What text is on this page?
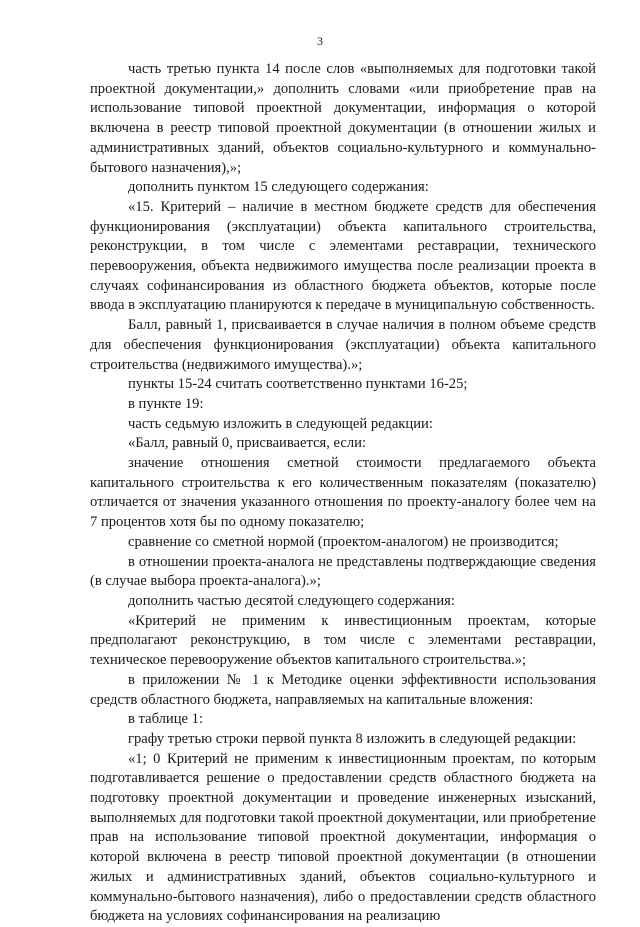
3

часть третью пункта 14 после слов «выполняемых для подготовки такой проектной документации,» дополнить словами «или приобретение прав на использование типовой проектной документации, информация о которой включена в реестр типовой проектной документации (в отношении жилых и административных зданий, объектов социально-культурного и коммунально-бытового назначения),»;

дополнить пунктом 15 следующего содержания:

«15. Критерий – наличие в местном бюджете средств для обеспечения функционирования (эксплуатации) объекта капитального строительства, реконструкции, в том числе с элементами реставрации, технического перевооружения, объекта недвижимого имущества после реализации проекта в случаях софинансирования из областного бюджета объектов, которые после ввода в эксплуатацию планируются к передаче в муниципальную собственность.

Балл, равный 1, присваивается в случае наличия в полном объеме средств для обеспечения функционирования (эксплуатации) объекта капитального строительства (недвижимого имущества).»;

пункты 15-24 считать соответственно пунктами 16-25;

в пункте 19:

часть седьмую изложить в следующей редакции:

«Балл, равный 0, присваивается, если:

значение отношения сметной стоимости предлагаемого объекта капитального строительства к его количественным показателям (показателю) отличается от значения указанного отношения по проекту-аналогу более чем на 7 процентов хотя бы по одному показателю;

сравнение со сметной нормой (проектом-аналогом) не производится;

в отношении проекта-аналога не представлены подтверждающие сведения (в случае выбора проекта-аналога).»;

дополнить частью десятой следующего содержания:

«Критерий не применим к инвестиционным проектам, которые предполагают реконструкцию, в том числе с элементами реставрации, техническое перевооружение объектов капитального строительства.»;

в приложении № 1 к Методике оценки эффективности использования средств областного бюджета, направляемых на капитальные вложения:

в таблице 1:

графу третью строки первой пункта 8 изложить в следующей редакции:

«1; 0 Критерий не применим к инвестиционным проектам, по которым подготавливается решение о предоставлении средств областного бюджета на подготовку проектной документации и проведение инженерных изысканий, выполняемых для подготовки такой проектной документации, или приобретение прав на использование типовой проектной документации, информация о которой включена в реестр типовой проектной документации (в отношении жилых и административных зданий, объектов социально-культурного и коммунально-бытового назначения), либо о предоставлении средств областного бюджета на условиях софинансирования на реализацию
